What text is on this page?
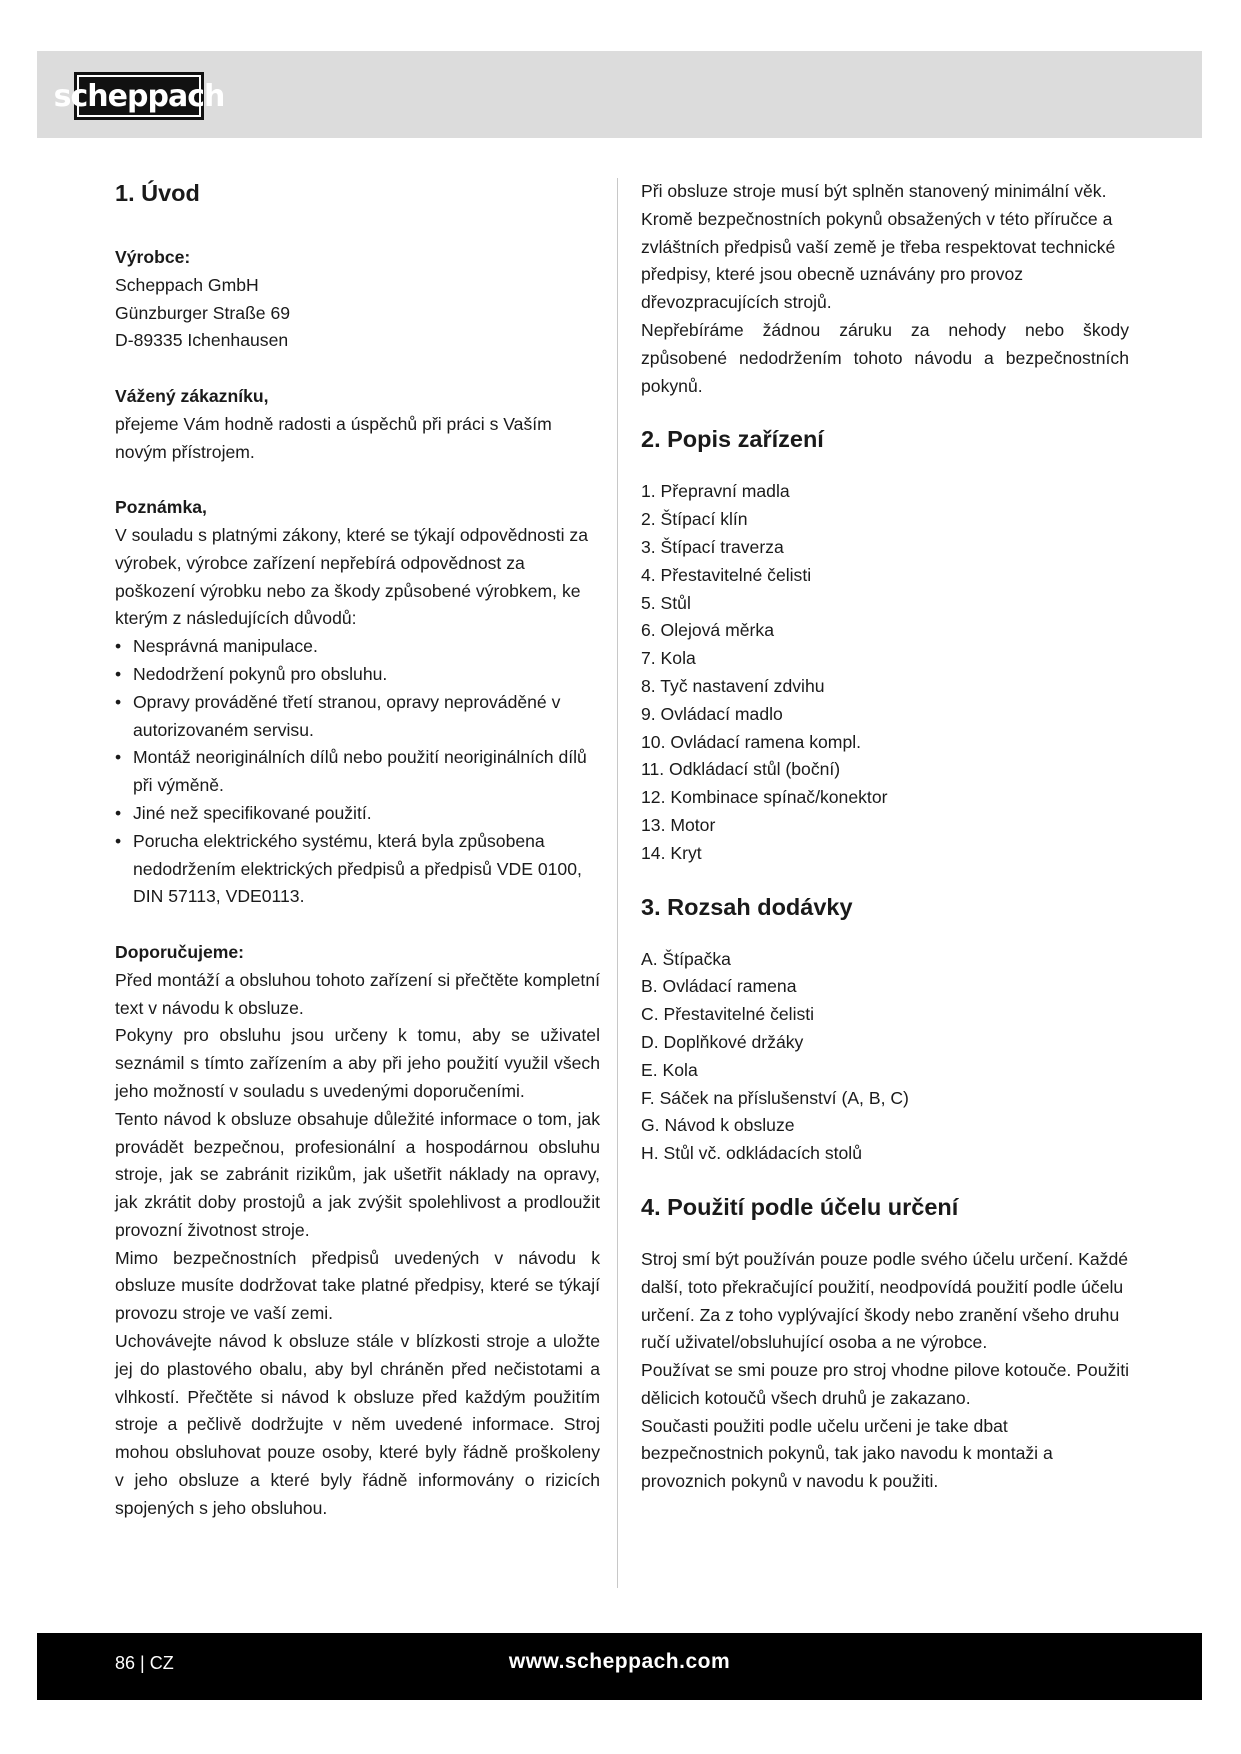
scheppach
1. Úvod

Výrobce:

Scheppach GmbH

Günzburger Straße 69

D-89335 Ichenhausen

Vážený zákazníku,

přejeme Vám hodně radosti a úspěchů při práci s Vaším novým přístrojem.

Poznámka,

V souladu s platnými zákony, které se týkají odpovědnosti za výrobek, výrobce zařízení nepřebírá odpovědnost za poškození výrobku nebo za škody způsobené výrobkem, ke kterým z následujících důvodů:

• Nesprávná manipulace.
• Nedodržení pokynů pro obsluhu.
• Opravy prováděné třetí stranou, opravy neprováděné v autorizovaném servisu.
• Montáž neoriginálních dílů nebo použití neoriginálních dílů při výměně.
• Jiné než specifikované použití.
• Porucha elektrického systému, která byla způsobena nedodržením elektrických předpisů a předpisů VDE 0100, DIN 57113, VDE0113.

Doporučujeme:

Před montáží a obsluhou tohoto zařízení si přečtěte kompletní text v návodu k obsluze.

Pokyny pro obsluhu jsou určeny k tomu, aby se uživatel seznámil s tímto zařízením a aby při jeho použití využil všech jeho možností v souladu s uvedenými doporučeními.

Tento návod k obsluze obsahuje důležité informace o tom, jak provádět bezpečnou, profesionální a hospodárnou obsluhu stroje, jak se zabránit rizikům, jak ušetřit náklady na opravy, jak zkrátit doby prostojů a jak zvýšit spolehlivost a prodloužit provozní životnost stroje.

Mimo bezpečnostních předpisů uvedených v návodu k obsluze musíte dodržovat take platné předpisy, které se týkají provozu stroje ve vaší zemi.

Uchovávejte návod k obsluze stále v blízkosti stroje a uložte jej do plastového obalu, aby byl chráněn před nečistotami a vlhkostí. Přečtěte si návod k obsluze před každým použitím stroje a pečlivě dodržujte v něm uvedené informace. Stroj mohou obsluhovat pouze osoby, které byly řádně proškoleny v jeho obsluze a které byly řádně informovány o rizicích spojených s jeho obsluhou.

Při obsluze stroje musí být splněn stanovený minimální věk.

Kromě bezpečnostních pokynů obsažených v této příručce a zvláštních předpisů vaší země je třeba respektovat technické předpisy, které jsou obecně uznávány pro provoz dřevozpracujících strojů.

Nepřebíráme žádnou záruku za nehody nebo škody způsobené nedodržením tohoto návodu a bezpečnostních pokynů.

2. Popis zařízení
1. Přepravní madla
2. Štípací klín
3. Štípací traverza
4. Přestavitelné čelisti
5. Stůl
6. Olejová měrka
7. Kola
8. Tyč nastavení zdvihu
9. Ovládací madlo
10. Ovládací ramena kompl.
11. Odkládací stůl (boční)
12. Kombinace spínač/konektor
13. Motor
14. Kryt
3. Rozsah dodávky
A. Štípačka
B. Ovládací ramena
C. Přestavitelné čelisti
D. Doplňkové držáky
E. Kola
F. Sáček na příslušenství (A, B, C)
G. Návod k obsluze
H. Stůl vč. odkládacích stolů
4. Použití podle účelu určení

Stroj smí být používán pouze podle svého účelu určení. Každé další, toto překračující použití, neodpovídá použití podle účelu určení. Za z toho vyplývající škody nebo zranění všeho druhu ručí uživatel/obsluhující osoba a ne výrobce.

Používat se smi pouze pro stroj vhodne pilove kotouče. Použiti dělicich kotoučů všech druhů je zakazano.

Současti použiti podle učelu určeni je take dbat bezpečnostnich pokynů, tak jako navodu k montaži a provoznich pokynů v navodu k použiti.

86 | CZ	www.scheppach.com
